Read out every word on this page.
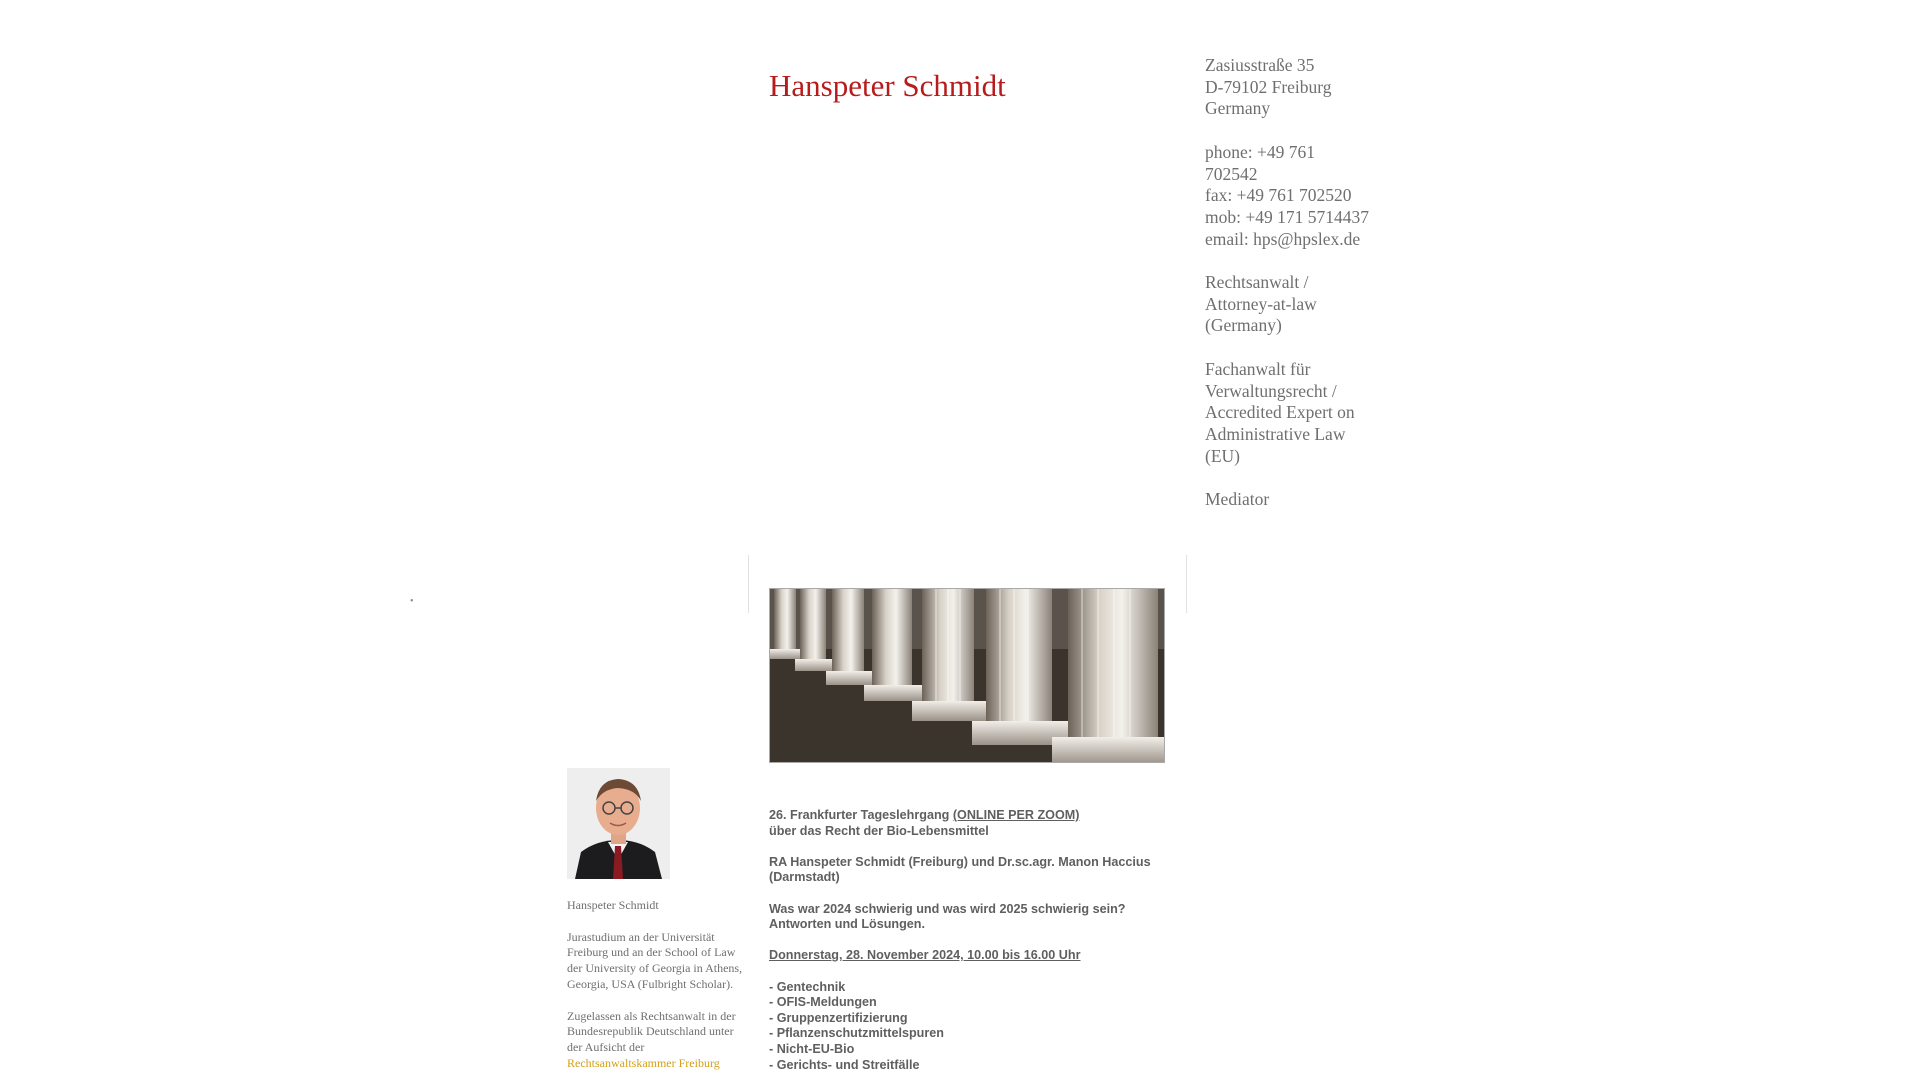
Hanspeter Schmidt
Zasiusstraße 35
D-79102 Freiburg
Germany
phone: +49 761
702542
fax: +49 761 702520
mob: +49 171 5714437
email: hps@hpslex.de
Rechtsanwalt /
Attorney-at-law
(Germany)
Fachanwalt für
Verwaltungsrecht /
Accredited Expert on
Administrative Law
(EU)
Mediator
•

Hanspeter Schmidt

Jurastudium an der Universität Freiburg und an der School of Law der University of Georgia in Athens, Georgia, USA (Fulbright Scholar).

Zugelassen als Rechtsanwalt in der Bundesrepublik Deutschland unter der Aufsicht der Rechtsanwaltskammer Freiburg

26. Frankfurter Tageslehrgang (ONLINE PER ZOOM)
über das Recht der Bio-Lebensmittel
RA Hanspeter Schmidt (Freiburg) und Dr.sc.agr. Manon Haccius (Darmstadt)
Was war 2024 schwierig und was wird 2025 schwierig sein? Antworten und Lösungen.
Donnerstag, 28. November 2024, 10.00 bis 16.00 Uhr
- Gentechnik
- OFIS-Meldungen
- Gruppenzertifizierung
- Pflanzenschutzmittelspuren
- Nicht-EU-Bio
- Gerichts- und Streitfälle
